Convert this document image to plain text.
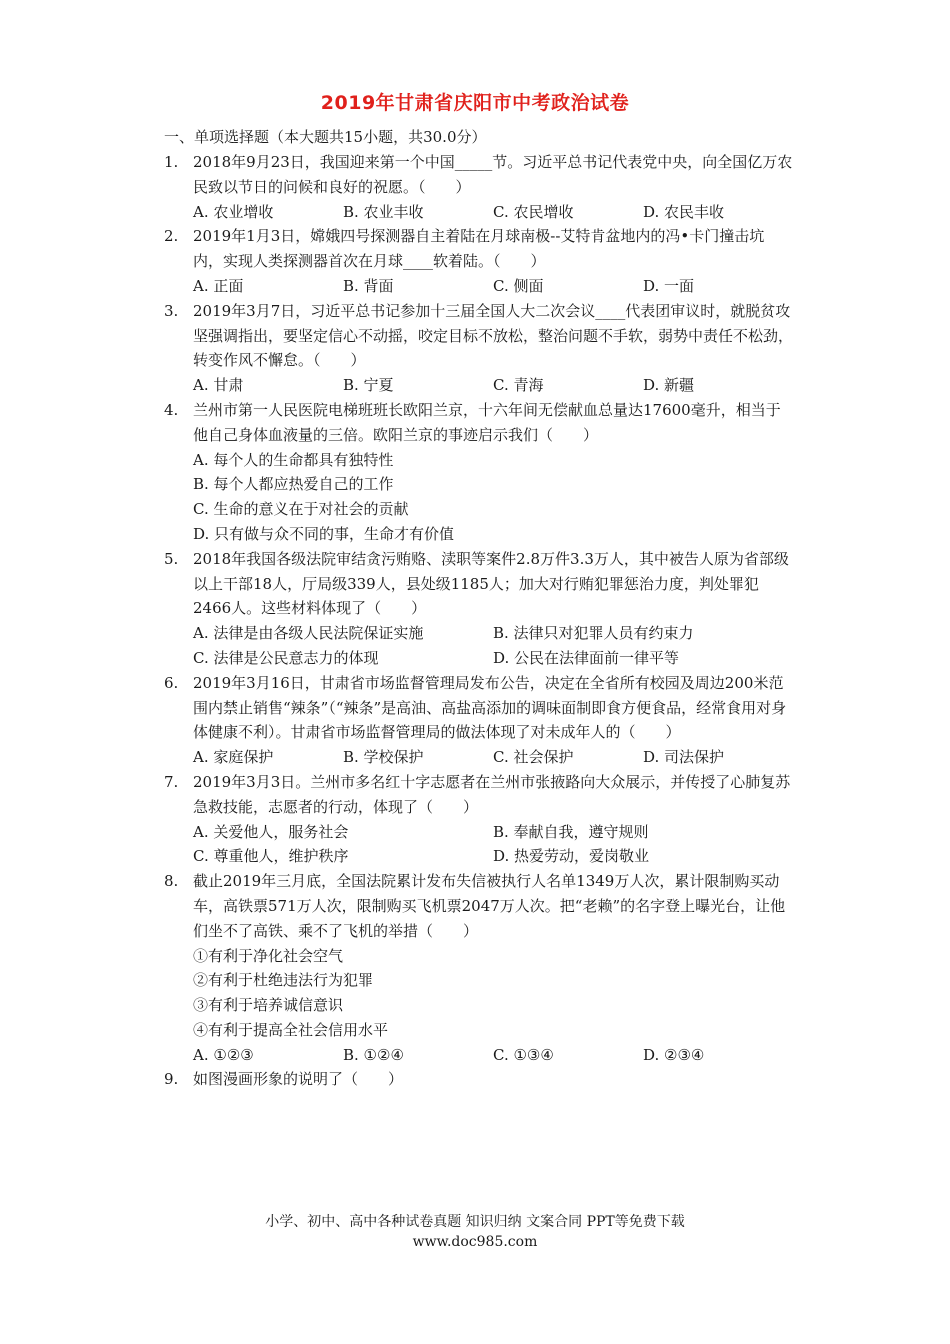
2019年甘肃省庆阳市中考政治试卷
一、单项选择题（本大题共15小题，共30.0分）
1. 2018年9月23日，我国迎来第一个中国_____节。习近平总书记代表党中央，向全国亿万农民致以节日的问候和良好的祝愿。（　　）
A. 农业增收	B. 农业丰收	C. 农民增收	D. 农民丰收
2. 2019年1月3日，嫦娥四号探测器自主着陆在月球南极--艾特肯盆地内的冯•卡门撞击坑内，实现人类探测器首次在月球____软着陆。（　　）
A. 正面	B. 背面	C. 侧面	D. 一面
3. 2019年3月7日，习近平总书记参加十三届全国人大二次会议____代表团审议时，就脱贫攻坚强调指出，要坚定信心不动摇，咬定目标不放松，整治问题不手软，弱势中责任不松劲，转变作风不懈怠。（　　）
A. 甘肃	B. 宁夏	C. 青海	D. 新疆
4. 兰州市第一人民医院电梯班班长欧阳兰京，十六年间无偿献血总量达17600毫升，相当于他自己身体血液量的三倍。欧阳兰京的事迹启示我们（　　）
A. 每个人的生命都具有独特性
B. 每个人都应热爱自己的工作
C. 生命的意义在于对社会的贡献
D. 只有做与众不同的事，生命才有价值
5. 2018年我国各级法院审结贪污贿赂、渎职等案件2.8万件3.3万人，其中被告人原为省部级以上干部18人，厅局级339人，县处级1185人；加大对行贿犯罪惩治力度，判处罪犯2466人。这些材料体现了（　　）
A. 法律是由各级人民法院保证实施	B. 法律只对犯罪人员有约束力
C. 法律是公民意志力的体现	D. 公民在法律面前一律平等
6. 2019年3月16日，甘肃省市场监督管理局发布公告，决定在全省所有校园及周边200米范围内禁止销售“辣条”（“辣条”是高油、高盐高添加的调味面制即食方便食品，经常食用对身体健康不利）。甘肃省市场监督管理局的做法体现了对未成年人的（　　）
A. 家庭保护	B. 学校保护	C. 社会保护	D. 司法保护
7. 2019年3月3日。兰州市多名红十字志愿者在兰州市张掖路向大众展示，并传授了心肺复苏急救技能，志愿者的行动，体现了（　　）
A. 关爱他人，服务社会	B. 奉献自我，遵守规则
C. 尊重他人，维护秩序	D. 热爱劳动，爱岗敬业
8. 截止2019年三月底，全国法院累计发布失信被执行人名单1349万人次，累计限制购买动车，高铁票571万人次，限制购买飞机票2047万人次。把“老赖”的名字登上曝光台，让他们坐不了高铁、乘不了飞机的举措（　　）
①有利于净化社会空气
②有利于杜绝违法行为犯罪
③有利于培养诚信意识
④有利于提高全社会信用水平
A. ①②③	B. ①②④	C. ①③④	D. ②③④
9. 如图漫画形象的说明了（　　）
小学、初中、高中各种试卷真题 知识归纳 文案合同 PPT等免费下载
www.doc985.com
